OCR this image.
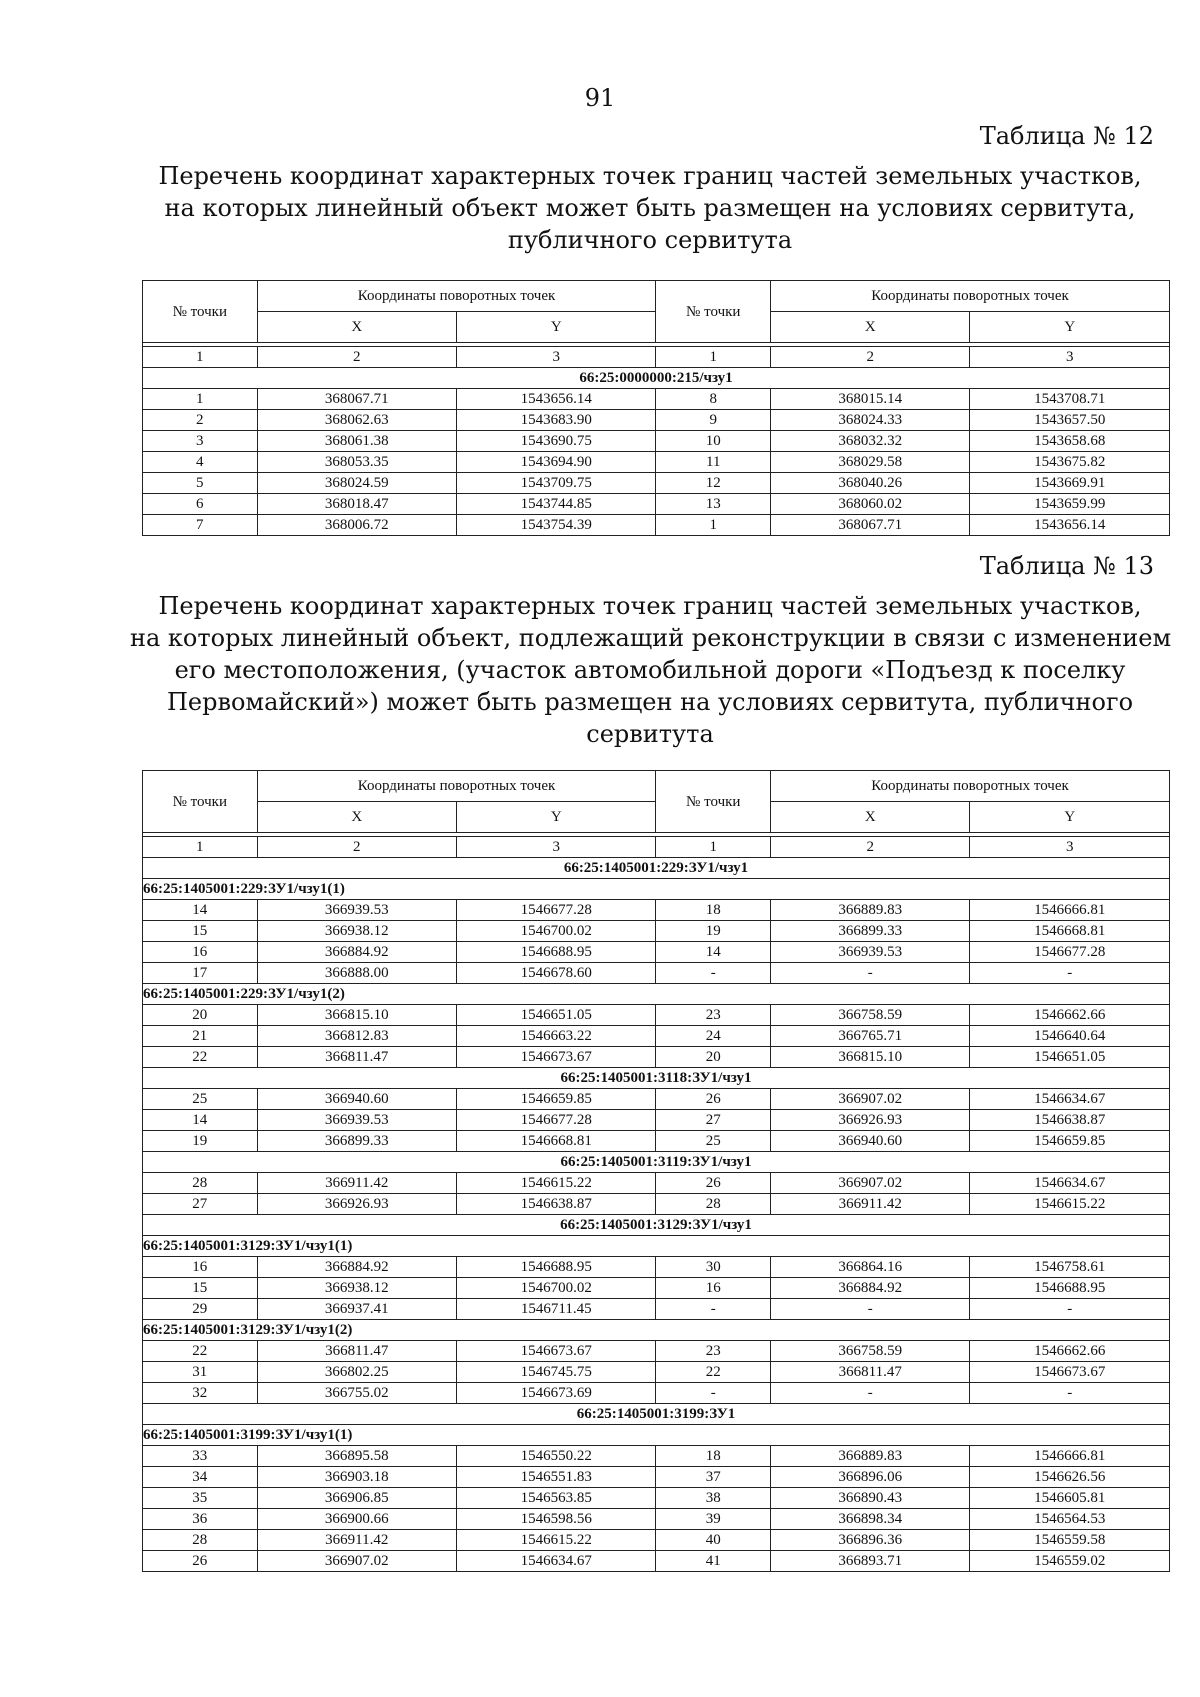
91
Таблица № 12
Перечень координат характерных точек границ частей земельных участков,
на которых линейный объект может быть размещен на условиях сервитута,
публичного сервитута
№ точки	Координаты поворотных точек		№ точки	Координаты поворотных точек	
	X	Y		X	Y

1	2	3	1	2	3
66:25:0000000:215/чзу1					
1	368067.71	1543656.14	8	368015.14	1543708.71
2	368062.63	1543683.90	9	368024.33	1543657.50
3	368061.38	1543690.75	10	368032.32	1543658.68
4	368053.35	1543694.90	11	368029.58	1543675.82
5	368024.59	1543709.75	12	368040.26	1543669.91
6	368018.47	1543744.85	13	368060.02	1543659.99
7	368006.72	1543754.39	1	368067.71	1543656.14
Таблица № 13
Перечень координат характерных точек границ частей земельных участков,
на которых линейный объект, подлежащий реконструкции в связи с изменением
его местоположения, (участок автомобильной дороги «Подъезд к поселку
Первомайский») может быть размещен на условиях сервитута, публичного
сервитута
№ точки	Координаты поворотных точек		№ точки	Координаты поворотных точек	
	X	Y		X	Y

1	2	3	1	2	3
66:25:1405001:229:ЗУ1/чзу1					
66:25:1405001:229:ЗУ1/чзу1(1)					
14	366939.53	1546677.28	18	366889.83	1546666.81
15	366938.12	1546700.02	19	366899.33	1546668.81
16	366884.92	1546688.95	14	366939.53	1546677.28
17	366888.00	1546678.60	-	-	-
66:25:1405001:229:ЗУ1/чзу1(2)					
20	366815.10	1546651.05	23	366758.59	1546662.66
21	366812.83	1546663.22	24	366765.71	1546640.64
22	366811.47	1546673.67	20	366815.10	1546651.05
66:25:1405001:3118:ЗУ1/чзу1					
25	366940.60	1546659.85	26	366907.02	1546634.67
14	366939.53	1546677.28	27	366926.93	1546638.87
19	366899.33	1546668.81	25	366940.60	1546659.85
66:25:1405001:3119:ЗУ1/чзу1					
28	366911.42	1546615.22	26	366907.02	1546634.67
27	366926.93	1546638.87	28	366911.42	1546615.22
66:25:1405001:3129:ЗУ1/чзу1					
66:25:1405001:3129:ЗУ1/чзу1(1)					
16	366884.92	1546688.95	30	366864.16	1546758.61
15	366938.12	1546700.02	16	366884.92	1546688.95
29	366937.41	1546711.45	-	-	-
66:25:1405001:3129:ЗУ1/чзу1(2)					
22	366811.47	1546673.67	23	366758.59	1546662.66
31	366802.25	1546745.75	22	366811.47	1546673.67
32	366755.02	1546673.69	-	-	-
66:25:1405001:3199:ЗУ1					
66:25:1405001:3199:ЗУ1/чзу1(1)					
33	366895.58	1546550.22	18	366889.83	1546666.81
34	366903.18	1546551.83	37	366896.06	1546626.56
35	366906.85	1546563.85	38	366890.43	1546605.81
36	366900.66	1546598.56	39	366898.34	1546564.53
28	366911.42	1546615.22	40	366896.36	1546559.58
26	366907.02	1546634.67	41	366893.71	1546559.02
